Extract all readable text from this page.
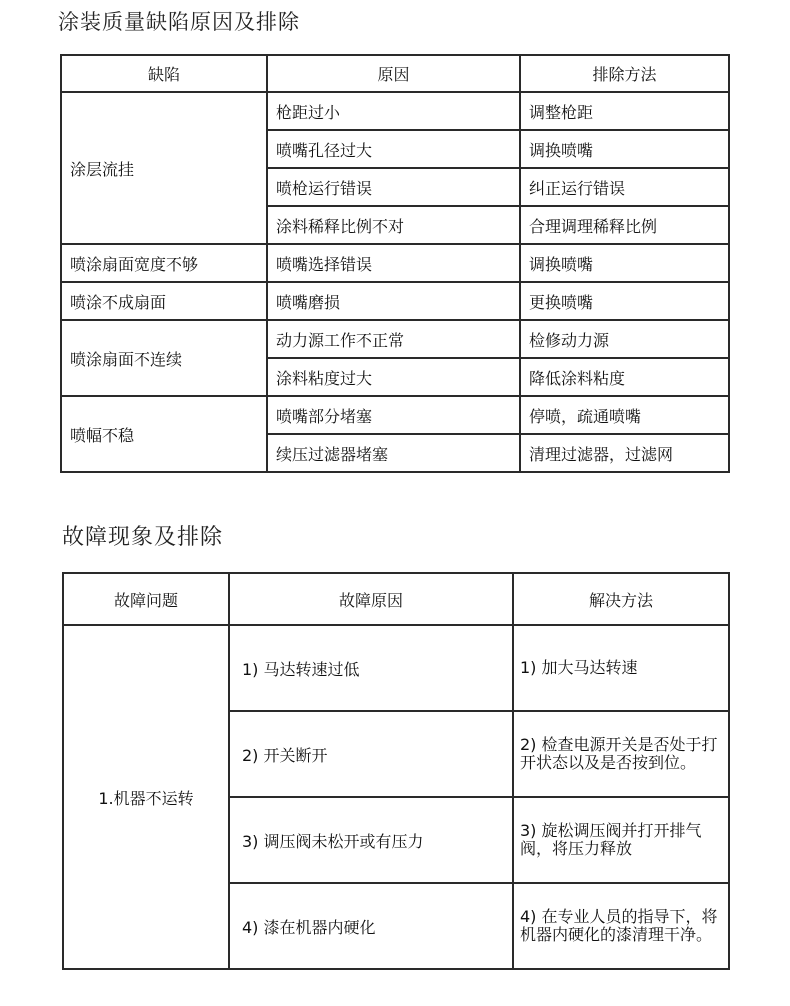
涂装质量缺陷原因及排除
缺陷	原因	排除方法
涂层流挂	枪距过小	调整枪距
	喷嘴孔径过大	调换喷嘴
	喷枪运行错误	纠正运行错误
	涂料稀释比例不对	合理调理稀释比例
喷涂扇面宽度不够	喷嘴选择错误	调换喷嘴
喷涂不成扇面	喷嘴磨损	更换喷嘴
喷涂扇面不连续	动力源工作不正常	检修动力源
	涂料粘度过大	降低涂料粘度
喷幅不稳	喷嘴部分堵塞	停喷，疏通喷嘴
	续压过滤器堵塞	清理过滤器，过滤网
故障现象及排除
故障问题	故障原因	解决方法
1.机器不运转	1) 马达转速过低	1) 加大马达转速
	2) 开关断开	2) 检查电源开关是否处于打开状态以及是否按到位。
	3) 调压阀未松开或有压力	3) 旋松调压阀并打开排气阀，将压力释放
	4) 漆在机器内硬化	4) 在专业人员的指导下，将机器内硬化的漆清理干净。
